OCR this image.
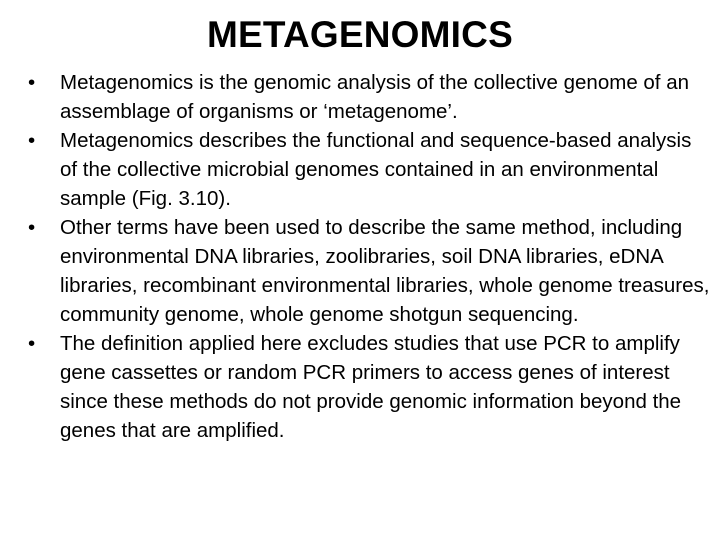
METAGENOMICS
•	Metagenomics is the genomic analysis of the collective genome of an assemblage of organisms or ‘metagenome’.
•	Metagenomics describes the functional and sequence-based analysis of the collective microbial genomes contained in an environmental sample (Fig. 3.10).
•	Other terms have been used to describe the same method, including environmental DNA libraries, zoolibraries, soil DNA libraries, eDNA libraries, recombinant environmental libraries, whole genome treasures, community genome, whole genome shotgun sequencing.
•	The definition applied here excludes studies that use PCR to amplify gene cassettes or random PCR primers to access genes of interest since these methods do not provide genomic information beyond the genes that are amplified.
